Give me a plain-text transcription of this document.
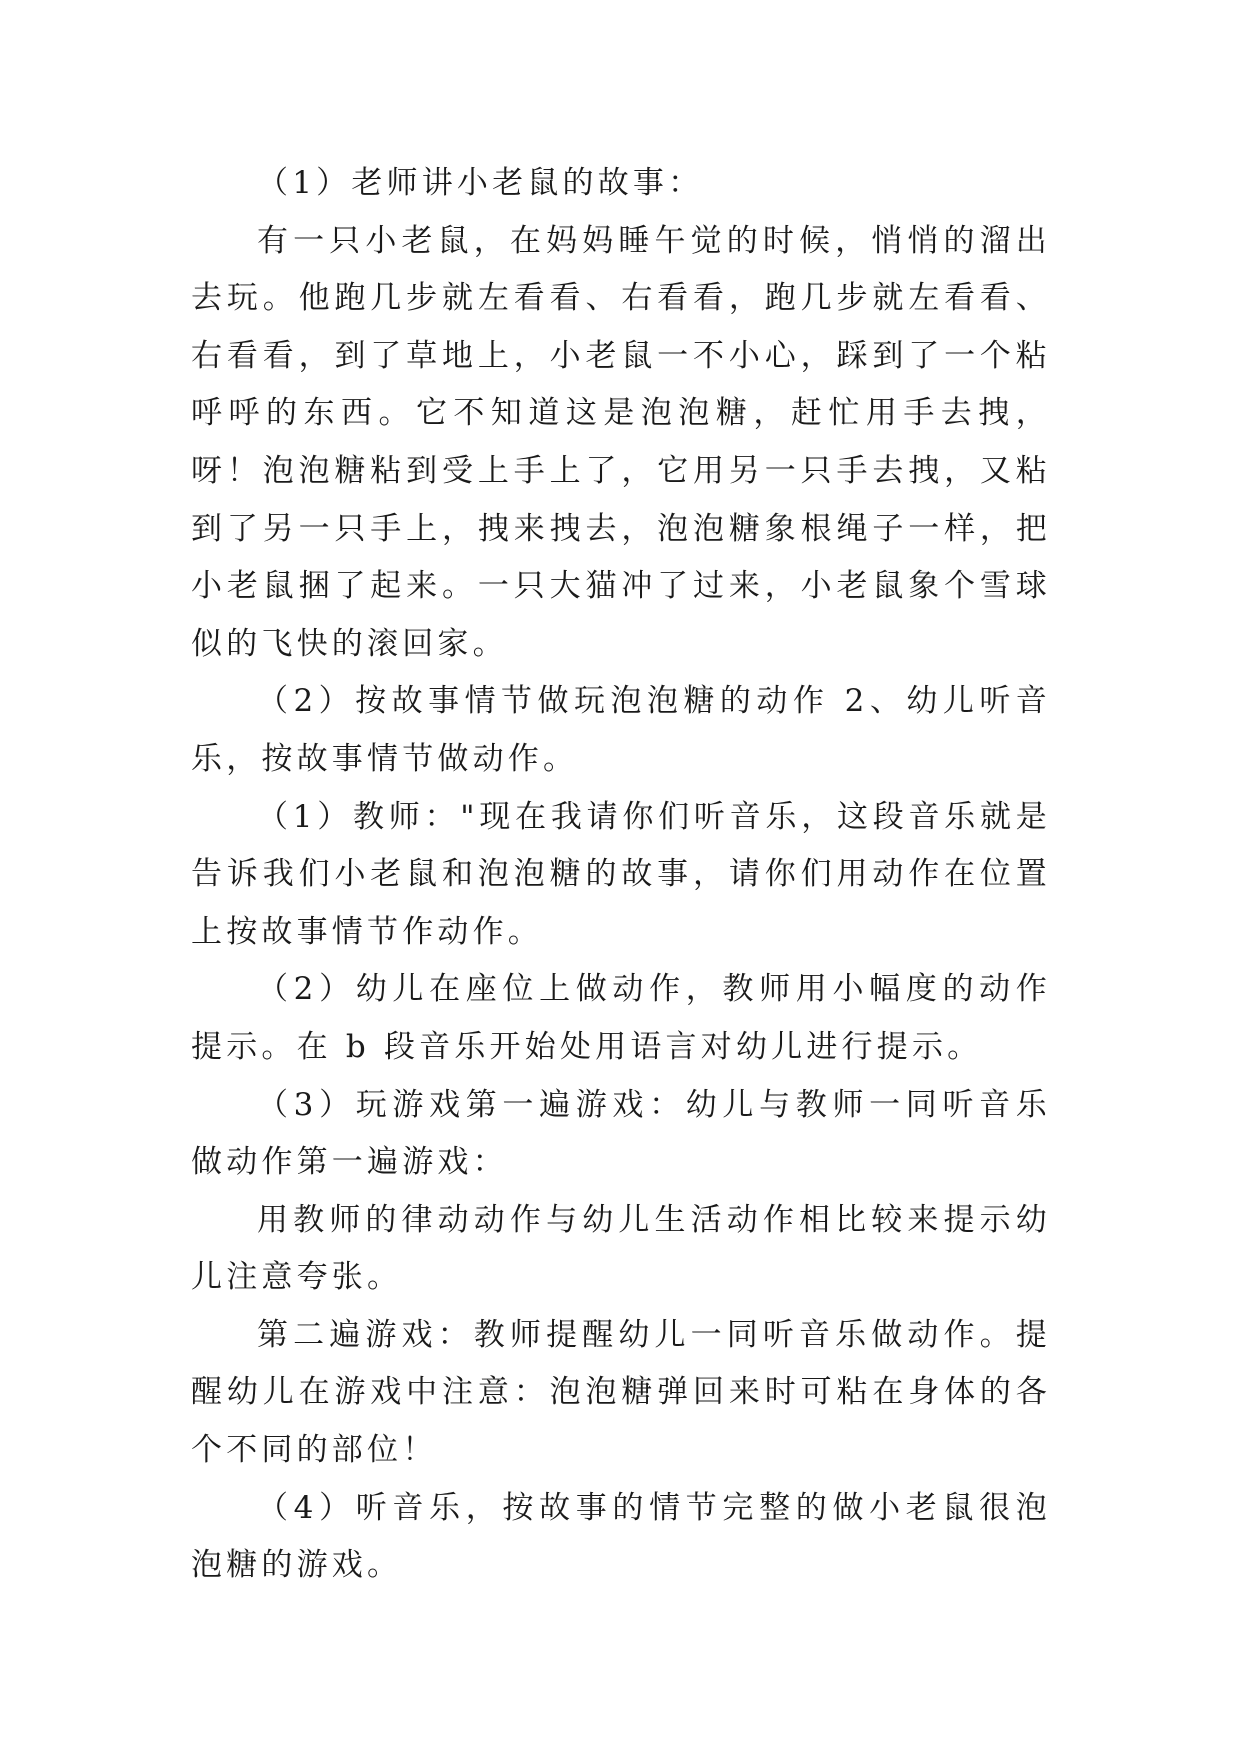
（1）老师讲小老鼠的故事：

有一只小老鼠，在妈妈睡午觉的时候，悄悄的溜出去玩。他跑几步就左看看、右看看，跑几步就左看看、右看看，到了草地上，小老鼠一不小心，踩到了一个粘呼呼的东西。它不知道这是泡泡糖，赶忙用手去拽，呀！泡泡糖粘到受上手上了，它用另一只手去拽，又粘到了另一只手上，拽来拽去，泡泡糖象根绳子一样，把小老鼠捆了起来。一只大猫冲了过来，小老鼠象个雪球似的飞快的滚回家。

（2）按故事情节做玩泡泡糖的动作 2、幼儿听音乐，按故事情节做动作。

（1）教师："现在我请你们听音乐，这段音乐就是告诉我们小老鼠和泡泡糖的故事，请你们用动作在位置上按故事情节作动作。

（2）幼儿在座位上做动作，教师用小幅度的动作提示。在 b 段音乐开始处用语言对幼儿进行提示。

（3）玩游戏第一遍游戏：幼儿与教师一同听音乐做动作第一遍游戏：

用教师的律动动作与幼儿生活动作相比较来提示幼儿注意夸张。

第二遍游戏：教师提醒幼儿一同听音乐做动作。提醒幼儿在游戏中注意：泡泡糖弹回来时可粘在身体的各个不同的部位！

（4）听音乐，按故事的情节完整的做小老鼠很泡泡糖的游戏。
